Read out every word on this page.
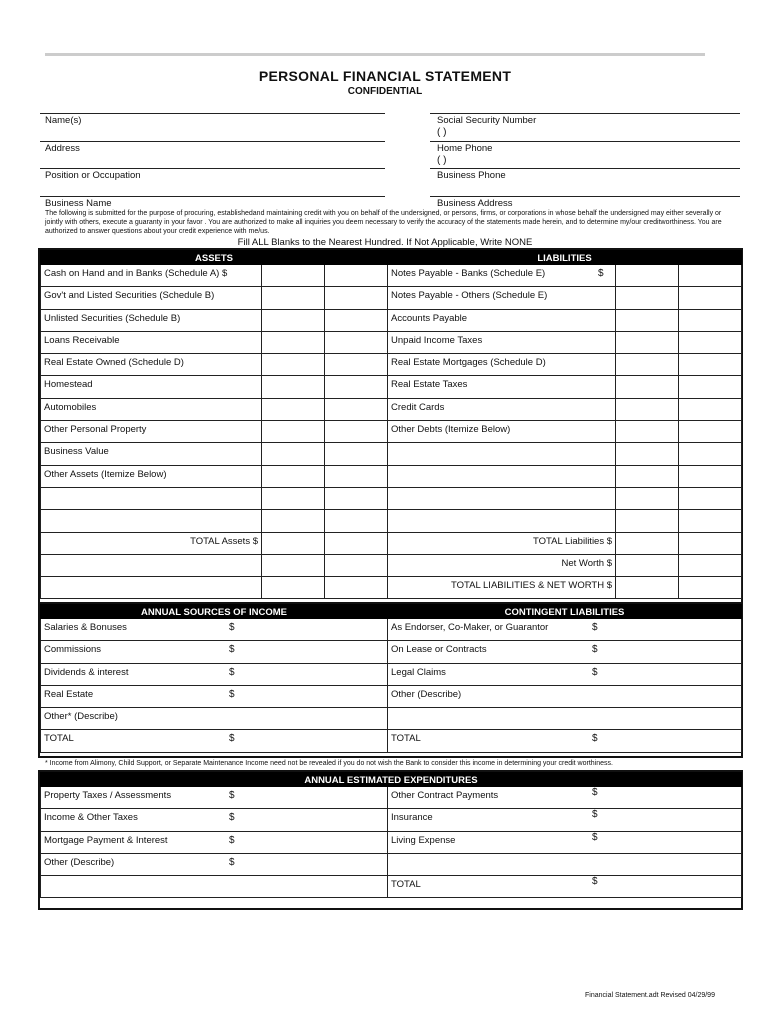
PERSONAL FINANCIAL STATEMENT
CONFIDENTIAL
Name(s)	Social Security Number
( )
Address	Home Phone
( )
Position or Occupation	Business Phone
Business Name	Business Address
The following is submitted for the purpose of procuring, establishedand maintaining credit with you on behalf of the undersigned, or persons, firms, or corporations in whose behalf the undersigned may either severally or jointly with others, execute a guaranty in your favor . You are authorized to make all inquiries you deem necessary to verify the accuracy of the statements made herein, and to determine my/our creditworthiness. You are authorized to answer questions about your credit experience with me/us.
Fill ALL Blanks to the Nearest Hundred. If Not Applicable, Write NONE
ASSETS			LIABILITIES		
Cash on Hand and in Banks (Schedule A) $			Notes Payable - Banks (Schedule E) $		

Gov't and Listed Securities (Schedule B)			Notes Payable - Others (Schedule E)		
Unlisted Securities (Schedule B)			Accounts Payable		
Loans Receivable			Unpaid Income Taxes		
Real Estate Owned (Schedule D)			Real Estate Mortgages (Schedule D)		
Homestead			Real Estate Taxes		
Automobiles			Credit Cards		
Other Personal Property			Other Debts (Itemize Below)		
Business Value					
Other Assets (Itemize Below)					

TOTAL Assets $			TOTAL Liabilities $		
			Net Worth $		
			TOTAL LIABILITIES & NET WORTH $		
ANNUAL SOURCES OF INCOME	CONTINGENT LIABILITIES
Salaries & Bonuses $	As Endorser, Co-Maker, or Guarantor $

Commissions $	On Lease or Contracts $

Dividends & interest $	Legal Claims $

Real Estate $	Other (Describe)
Other* (Describe)	
TOTAL $	TOTAL $
* Income from Alimony, Child Support, or Separate Maintenance Income need not be revealed if you do not wish the Bank to consider this income in determining your credit worthiness.
ANNUAL ESTIMATED EXPENDITURES	
Property Taxes / Assessments $	Other Contract Payments $

Income & Other Taxes $	Insurance $

Mortgage Payment & Interest $	Living Expense $

Other (Describe) $	

	TOTAL $
Financial Statement.adt Revised 04/29/99
